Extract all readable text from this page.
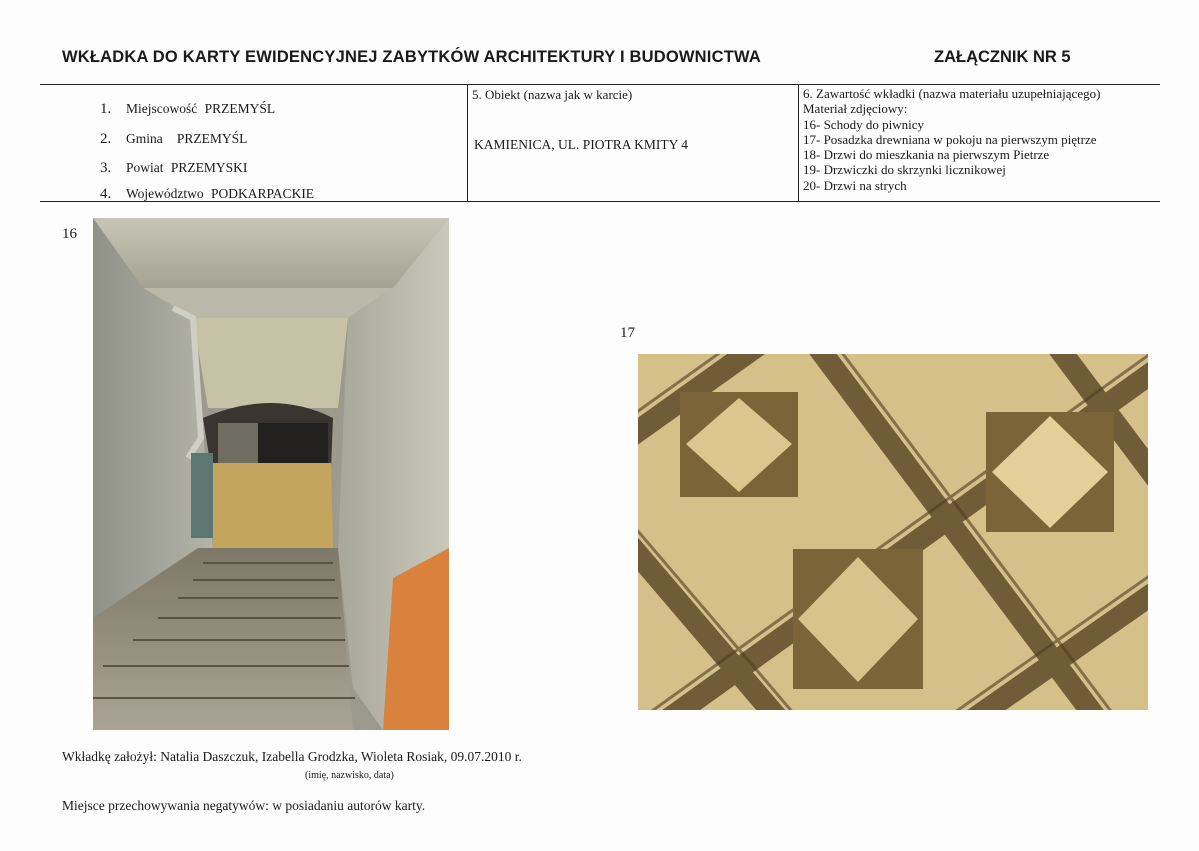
WKŁADKA DO KARTY EWIDENCYJNEJ ZABYTKÓW ARCHITEKTURY I BUDOWNICTWA	ZAŁĄCZNIK NR 5
1. Miejscowość PRZEMYŚL
2. Gmina PRZEMYŚL
3. Powiat PRZEMYSKI
4. Województwo PODKARPACKIE
5. Obiekt (nazwa jak w karcie)
KAMIENICA, UL. PIOTRA KMITY 4
6. Zawartość wkładki (nazwa materiału uzupełniającego)
Materiał zdjęciowy:
16- Schody do piwnicy
17- Posadzka drewniana w pokoju na pierwszym piętrze
18- Drzwi do mieszkania na pierwszym Pietrze
19- Drzwiczki do skrzynki licznikowej
20- Drzwi na strych
16
17
Wkładkę założył: Natalia Daszczuk, Izabella Grodzka, Wioleta Rosiak, 09.07.2010 r.
(imię, nazwisko, data)
Miejsce przechowywania negatywów: w posiadaniu autorów karty.
